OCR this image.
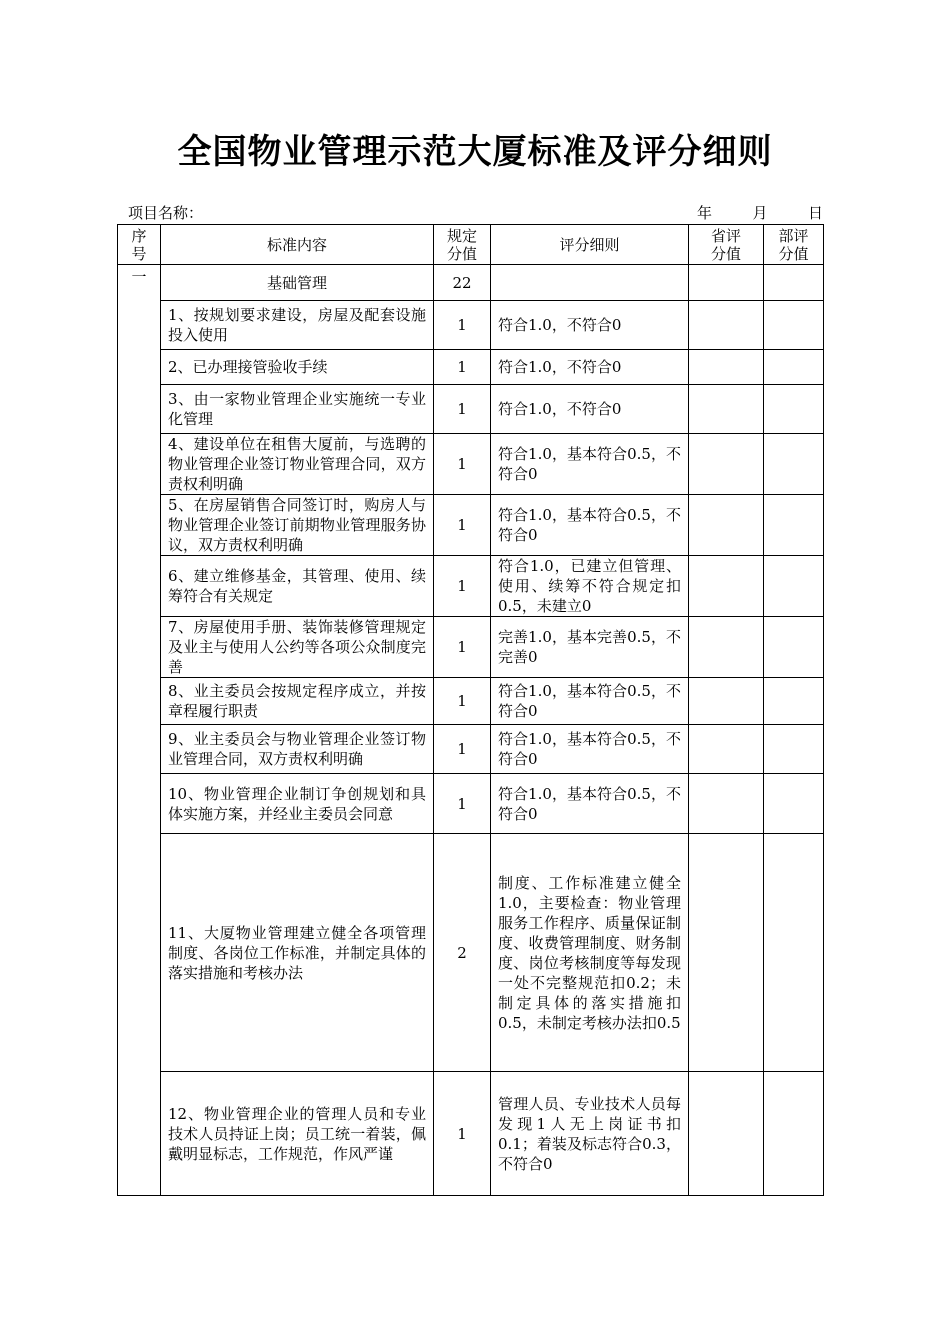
全国物业管理示范大厦标准及评分细则
项目名称：	年	月	日
序号	标准内容	规定分值	评分细则	省评分值	部评分值

一	基础管理	22			
	1、按规划要求建设，房屋及配套设施投入使用	1	符合1.0，不符合0		
	2、已办理接管验收手续	1	符合1.0，不符合0		
	3、由一家物业管理企业实施统一专业化管理	1	符合1.0，不符合0		
	4、建设单位在租售大厦前，与选聘的物业管理企业签订物业管理合同，双方责权利明确	1	符合1.0，基本符合0.5，不符合0		
	5、在房屋销售合同签订时，购房人与物业管理企业签订前期物业管理服务协议，双方责权利明确	1	符合1.0，基本符合0.5，不符合0		
	6、建立维修基金，其管理、使用、续筹符合有关规定	1	符合1.0，已建立但管理、使用、续筹不符合规定扣0.5，未建立0		
	7、房屋使用手册、装饰装修管理规定及业主与使用人公约等各项公众制度完善	1	完善1.0，基本完善0.5，不完善0		
	8、业主委员会按规定程序成立，并按章程履行职责	1	符合1.0，基本符合0.5，不符合0		
	9、业主委员会与物业管理企业签订物业管理合同，双方责权利明确	1	符合1.0，基本符合0.5，不符合0		
	10、物业管理企业制订争创规划和具体实施方案，并经业主委员会同意	1	符合1.0，基本符合0.5，不符合0		
	11、大厦物业管理建立健全各项管理制度、各岗位工作标准，并制定具体的落实措施和考核办法	2	制度、工作标准建立健全1.0，主要检查：物业管理服务工作程序、质量保证制度、收费管理制度、财务制度、岗位考核制度等每发现一处不完整规范扣0.2；未制定具体的落实措施扣0.5，未制定考核办法扣0.5		
	12、物业管理企业的管理人员和专业技术人员持证上岗；员工统一着装，佩戴明显标志，工作规范，作风严谨	1	管理人员、专业技术人员每发现1人无上岗证书扣0.1；着装及标志符合0.3，不符合0		
